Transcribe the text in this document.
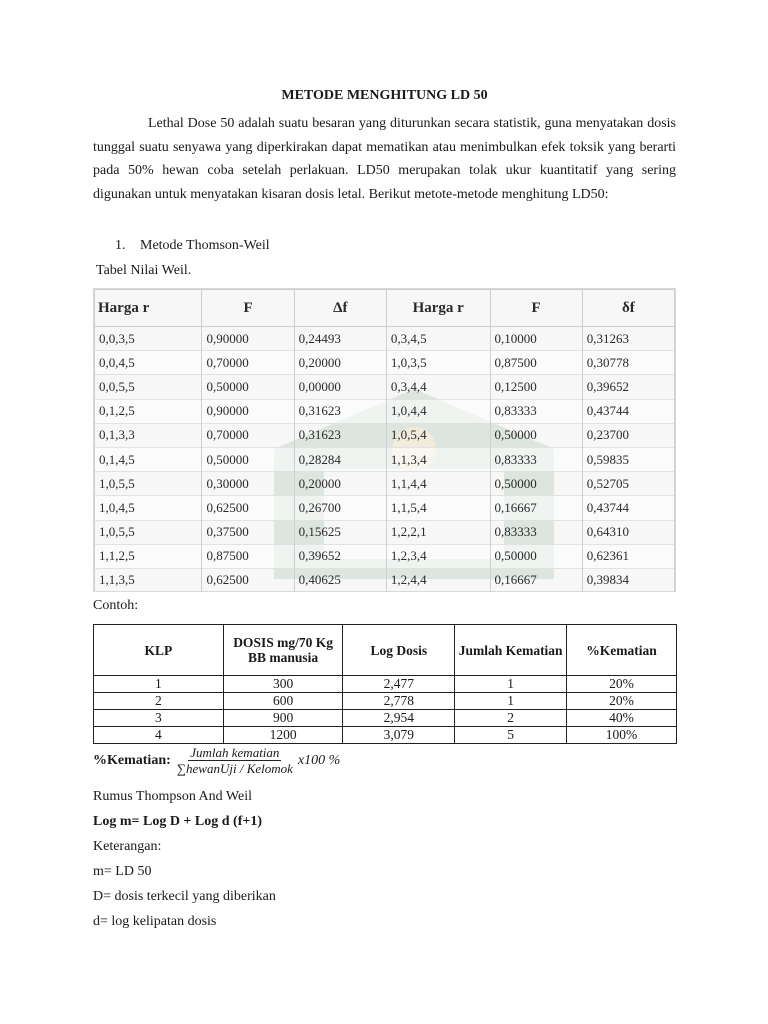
METODE MENGHITUNG LD 50
Lethal Dose 50 adalah suatu besaran yang diturunkan secara statistik, guna menyatakan dosis tunggal suatu senyawa yang diperkirakan dapat mematikan atau menimbulkan efek toksik yang berarti pada 50% hewan coba setelah perlakuan. LD50 merupakan tolak ukur kuantitatif yang sering digunakan untuk menyatakan kisaran dosis letal. Berikut metote-metode menghitung LD50:
1. Metode Thomson-Weil
Tabel Nilai Weil.
Harga r	F	Δf	Harga r	F	δf
0,0,3,5	0,90000	0,24493	0,3,4,5	0,10000	0,31263
0,0,4,5	0,70000	0,20000	1,0,3,5	0,87500	0,30778
0,0,5,5	0,50000	0,00000	0,3,4,4	0,12500	0,39652
0,1,2,5	0,90000	0,31623	1,0,4,4	0,83333	0,43744
0,1,3,3	0,70000	0,31623	1,0,5,4	0,50000	0,23700
0,1,4,5	0,50000	0,28284	1,1,3,4	0,83333	0,59835
1,0,5,5	0,30000	0,20000	1,1,4,4	0,50000	0,52705
1,0,4,5	0,62500	0,26700	1,1,5,4	0,16667	0,43744
1,0,5,5	0,37500	0,15625	1,2,2,1	0,83333	0,64310
1,1,2,5	0,87500	0,39652	1,2,3,4	0,50000	0,62361
1,1,3,5	0,62500	0,40625	1,2,4,4	0,16667	0,39834

Contoh:
KLP	DOSIS mg/70 Kg BB manusia	Log Dosis	Jumlah Kematian	%Kematian
1	300	2,477	1	20%
2	600	2,778	1	20%
3	900	2,954	2	40%
4	1200	3,079	5	100%
%Kematian: $\frac{\text{Jumlah kematian}}{\text{∑hewanUji / Kelomok}} x100$ %
Rumus Thompson And Weil
Log m= Log D + Log d (f+1)
Keterangan:
m= LD 50
D= dosis terkecil yang diberikan
d= log kelipatan dosis
